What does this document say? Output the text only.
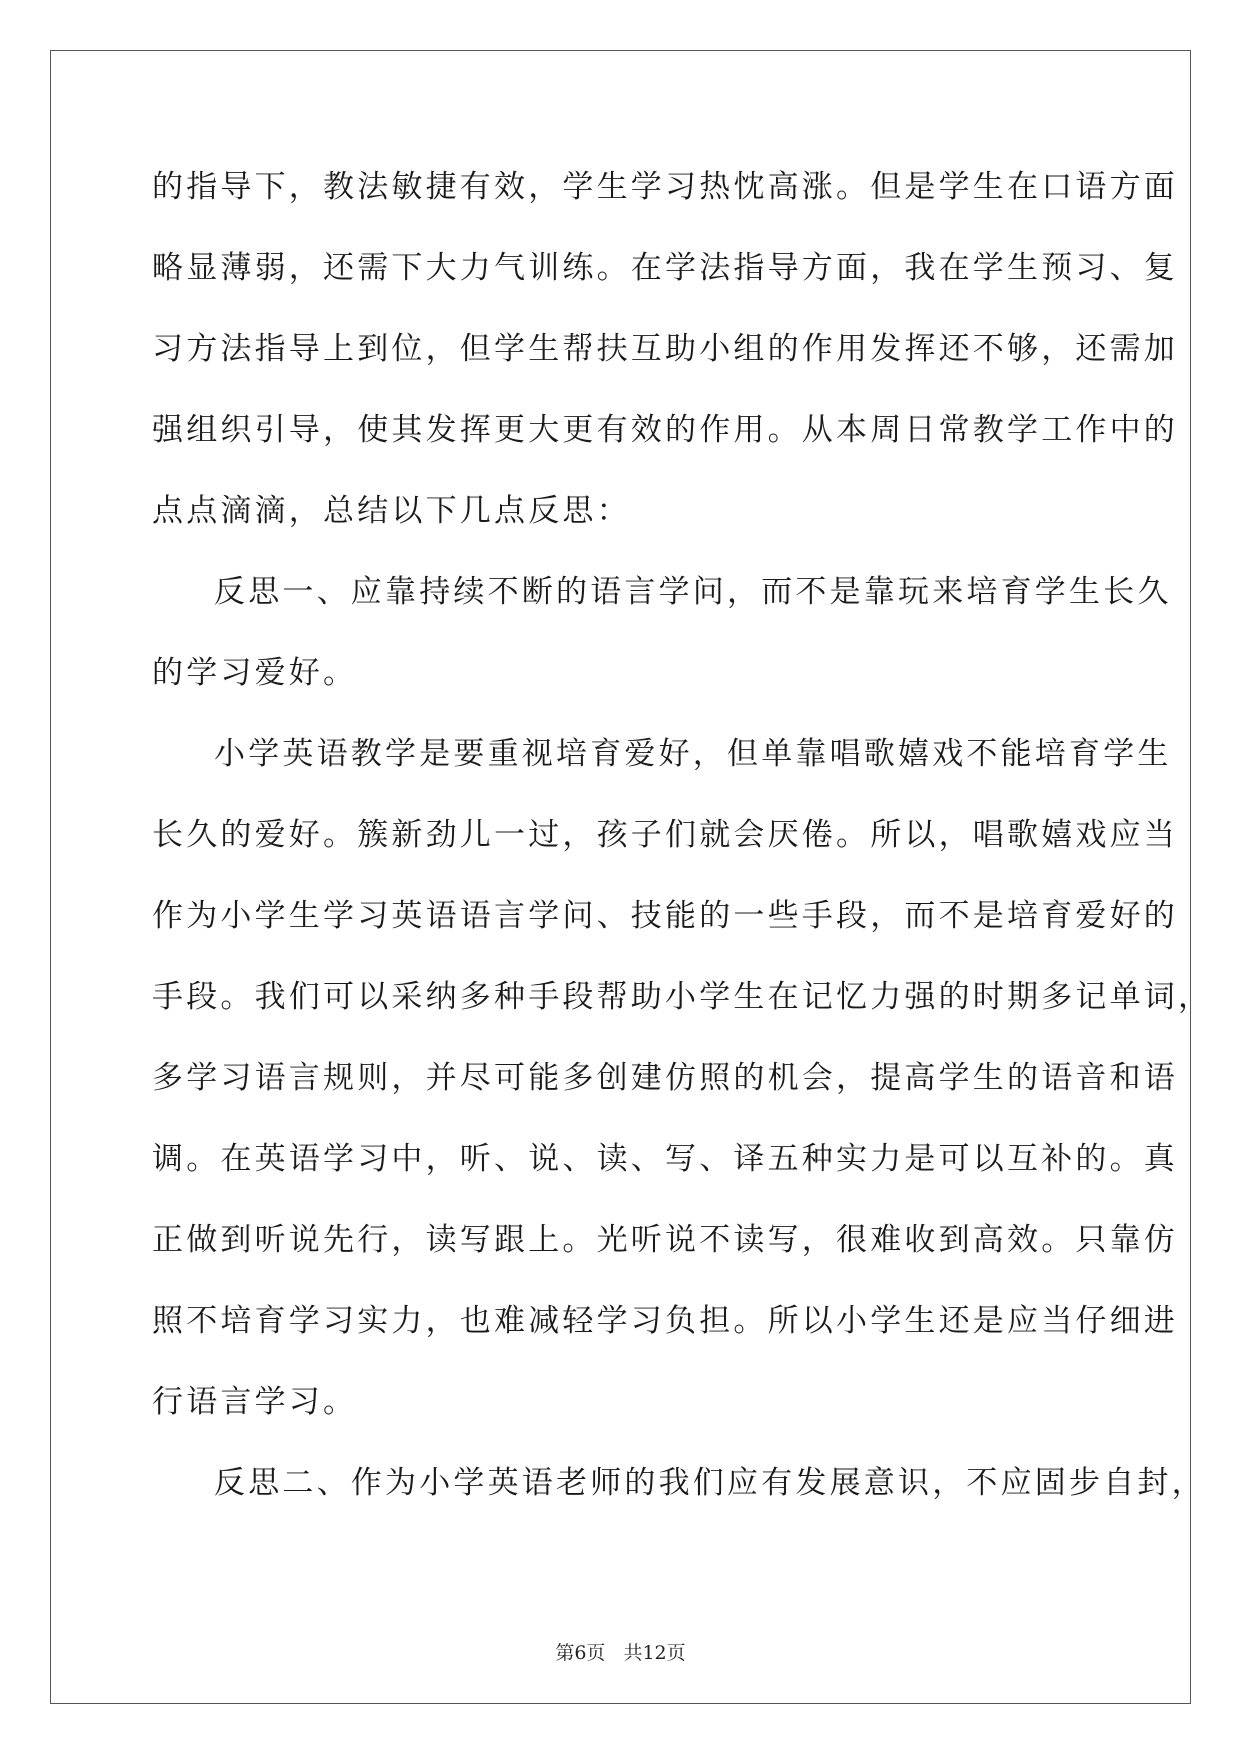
的指导下，教法敏捷有效，学生学习热忱高涨。但是学生在口语方面
略显薄弱，还需下大力气训练。在学法指导方面，我在学生预习、复
习方法指导上到位，但学生帮扶互助小组的作用发挥还不够，还需加
强组织引导，使其发挥更大更有效的作用。从本周日常教学工作中的
点点滴滴，总结以下几点反思：
反思一、应靠持续不断的语言学问，而不是靠玩来培育学生长久
的学习爱好。
小学英语教学是要重视培育爱好，但单靠唱歌嬉戏不能培育学生
长久的爱好。簇新劲儿一过，孩子们就会厌倦。所以，唱歌嬉戏应当
作为小学生学习英语语言学问、技能的一些手段，而不是培育爱好的
手段。我们可以采纳多种手段帮助小学生在记忆力强的时期多记单词，
多学习语言规则，并尽可能多创建仿照的机会，提高学生的语音和语
调。在英语学习中，听、说、读、写、译五种实力是可以互补的。真
正做到听说先行，读写跟上。光听说不读写，很难收到高效。只靠仿
照不培育学习实力，也难减轻学习负担。所以小学生还是应当仔细进
行语言学习。
反思二、作为小学英语老师的我们应有发展意识，不应固步自封，
第6页 共12页
